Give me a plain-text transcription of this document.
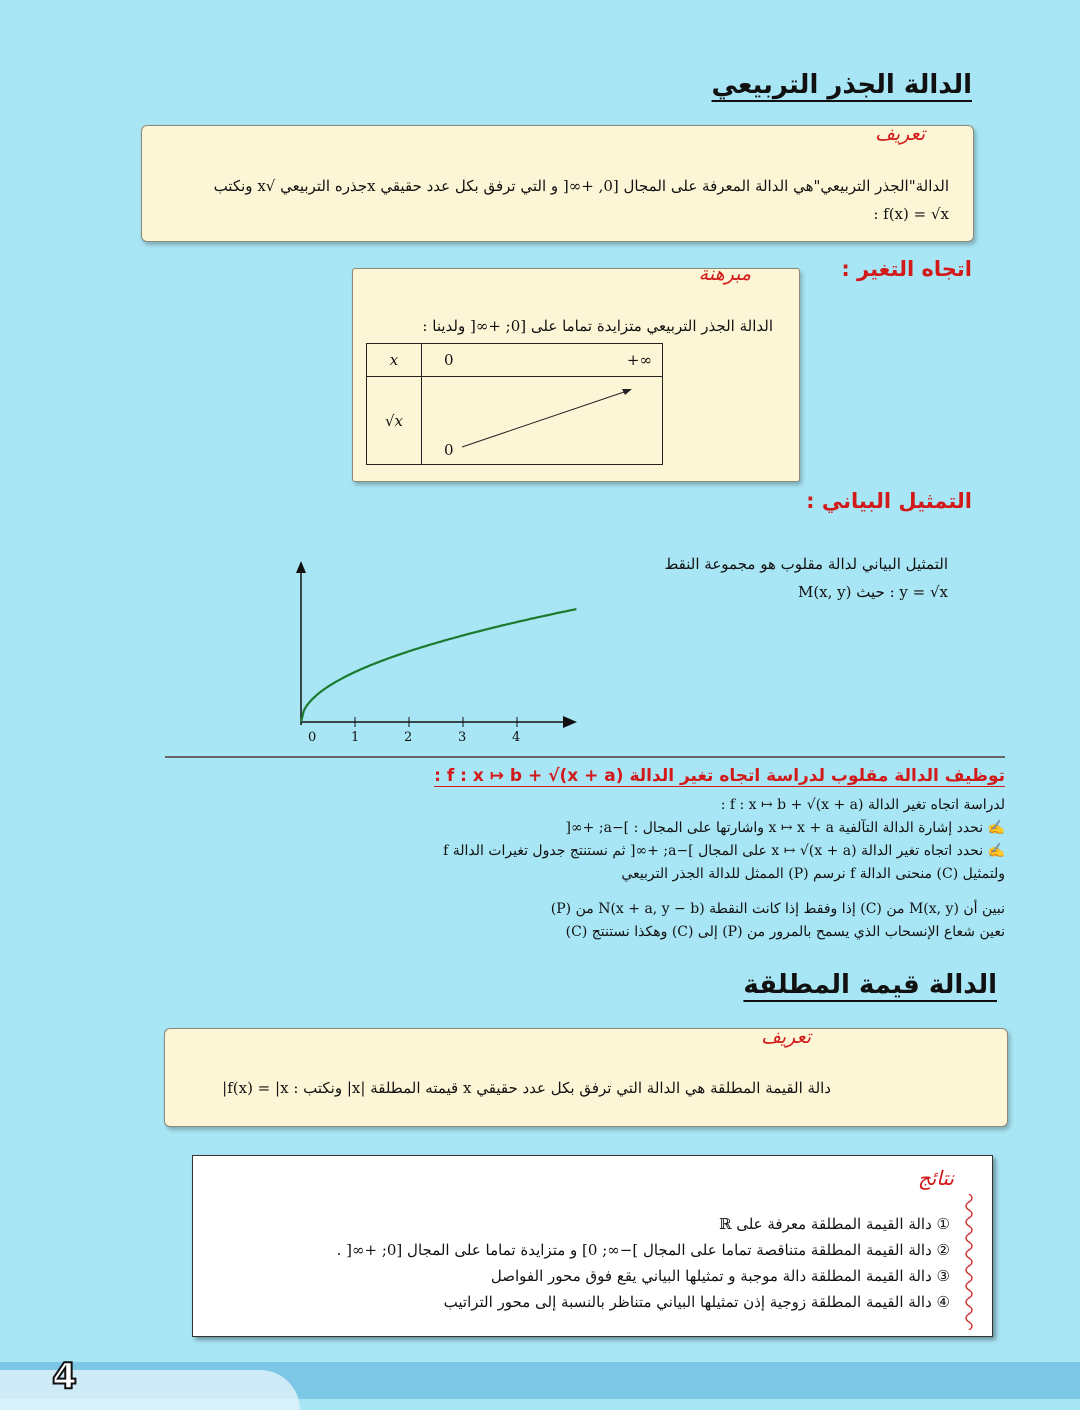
الدالة الجذر التربيعي
تعريف
الدالة"الجذر التربيعي"هي الدالة المعرفة على المجال [0, +∞[ و التي ترفق بكل عدد حقيقي xجذره التربيعي √x ونكتب
: f(x) = √x
اتجاه التغير :
مبرهنة
الدالة الجذر التربيعي متزايدة تماما على [0; +∞[ ولدينا :
x	0 +∞

√x	0
التمثيل البياني :
التمثيل البياني لدالة مقلوب هو مجموعة النقط
M(x, y) حيث : y = √x
0	1	2	3	4
توظيف الدالة مقلوب لدراسة اتجاه تغير الدالة f : x ↦ b + √(x + a) :
لدراسة اتجاه تغير الدالة f : x ↦ b + √(x + a) :
✍ نحدد إشارة الدالة التآلفية x ↦ x + a واشارتها على المجال : ]−a; +∞[
✍ نحدد اتجاه تغير الدالة x ↦ √(x + a) على المجال ]−a; +∞[ ثم نستنتج جدول تغيرات الدالة f
ولتمثيل (C) منحنى الدالة f نرسم (P) الممثل للدالة الجذر التربيعي
نبين أن M(x, y) من (C) إذا وفقط إذا كانت النقطة N(x + a, y − b) من (P)
نعين شعاع الإنسحاب الذي يسمح بالمرور من (P) إلى (C) وهكذا نستنتج (C)
الدالة قيمة المطلقة
تعريف
دالة القيمة المطلقة هي الدالة التي ترفق بكل عدد حقيقي x قيمته المطلقة |x| ونكتب : f(x) = |x|
نتائج
① دالة القيمة المطلقة معرفة على ℝ
② دالة القيمة المطلقة متناقصة تماما على المجال ]−∞; 0] و متزايدة تماما على المجال [0; +∞[ .
③ دالة القيمة المطلقة دالة موجبة و تمثيلها البياني يقع فوق محور الفواصل
④ دالة القيمة المطلقة زوجية إذن تمثيلها البياني متناظر بالنسبة إلى محور التراتيب
4
